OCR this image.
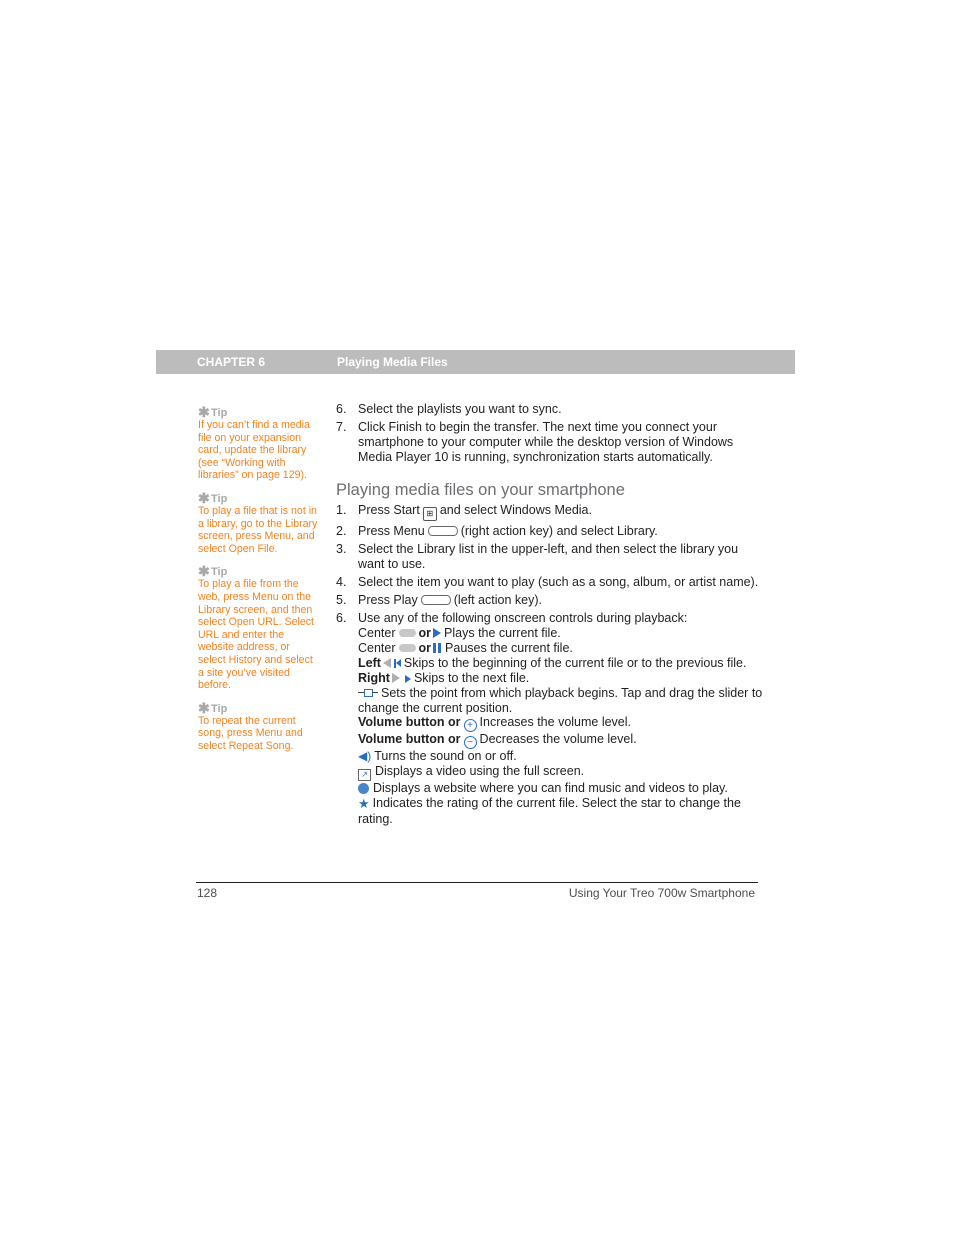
CHAPTER 6	Playing Media Files
✱Tip
If you can’t find a media file on your expansion card, update the library (see “Working with libraries” on page 129).
✱Tip
To play a file that is not in a library, go to the Library screen, press Menu, and select Open File.
✱Tip
To play a file from the web, press Menu on the Library screen, and then select Open URL. Select URL and enter the website address, or select History and select a site you’ve visited before.
✱Tip
To repeat the current song, press Menu and select Repeat Song.
6. Select the playlists you want to sync.
7. Click Finish to begin the transfer. The next time you connect your smartphone to your computer while the desktop version of Windows Media Player 10 is running, synchronization starts automatically.
Playing media files on your smartphone
1. Press Start ⊞ and select Windows Media.
2. Press Menu	(right action key) and select Library.
3. Select the Library list in the upper-left, and then select the library you want to use.
4. Select the item you want to play (such as a song, album, or artist name).
5. Press Play	(left action key).
6. Use any of the following onscreen controls during playback:
Center or Plays the current file.
Center or Pauses the current file.
Left Skips to the beginning of the current file or to the previous file.
Right Skips to the next file.
Sets the point from which playback begins. Tap and drag the slider to change the current position.
Volume button or + Increases the volume level.
Volume button or − Decreases the volume level.
◀) Turns the sound on or off.
↗ Displays a video using the full screen.
Displays a website where you can find music and videos to play.
★ Indicates the rating of the current file. Select the star to change the rating.
128	Using Your Treo 700w Smartphone
